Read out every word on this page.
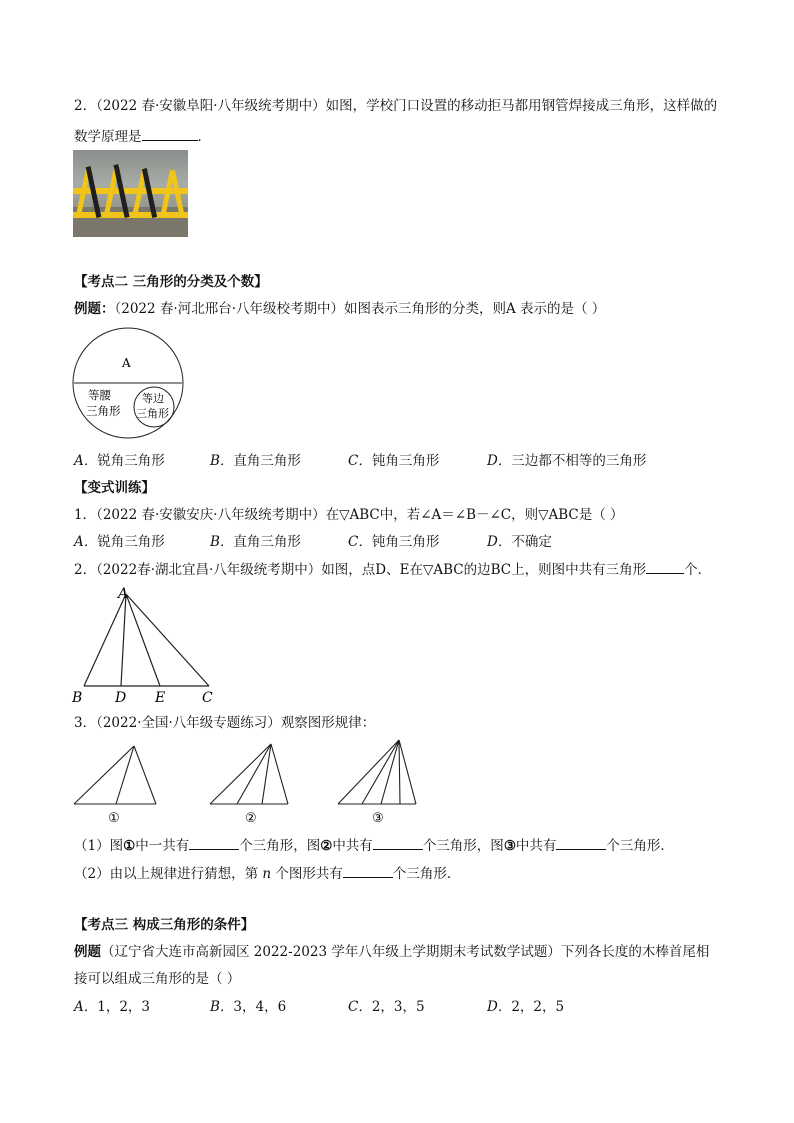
2．（2022 春·安徽阜阳·八年级统考期中）如图，学校门口设置的移动拒马都用钢管焊接成三角形，这样做的
数学原理是	．
【考点二 三角形的分类及个数】
例题：（2022 春·河北邢台·八年级校考期中）如图表示三角形的分类，则A 表示的是（ ）
A
等腰
三角形
等边
三角形
A．锐角三角形	B．直角三角形	C．钝角三角形	D．三边都不相等的三角形
【变式训练】
1．（2022 春·安徽安庆·八年级统考期中）在▽ABC中，若∠A＝∠B－∠C，则▽ABC是（ ）
A．锐角三角形	B．直角三角形	C．钝角三角形	D．不确定
2．（2022春·湖北宜昌·八年级统考期中）如图，点D、E在▽ABC的边BC上，则图中共有三角形	个．
A
B D E	C
3．（2022·全国·八年级专题练习）观察图形规律：
①	②	③
（1）图①中一共有	个三角形，图②中共有	个三角形，图③中共有	个三角形．
（2）由以上规律进行猜想，第 n 个图形共有	个三角形．
【考点三 构成三角形的条件】
例题（辽宁省大连市高新园区 2022-2023 学年八年级上学期期末考试数学试题）下列各长度的木棒首尾相
接可以组成三角形的是（ ）
A．1，2，3	B．3，4，6	C．2，3，5	D．2，2，5
